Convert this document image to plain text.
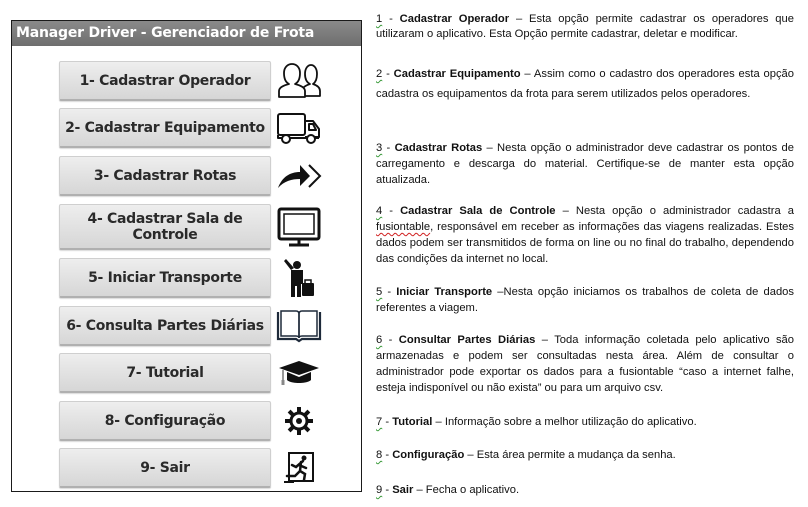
Manager Driver - Gerenciador de Frota
1- Cadastrar Operador
2- Cadastrar Equipamento
3- Cadastrar Rotas
4- Cadastrar Sala de Controle
5- Iniciar Transporte
6- Consulta Partes Diárias
7- Tutorial
8- Configuração
9- Sair

1 - Cadastrar Operador – Esta opção permite cadastrar os operadores que utilizaram o aplicativo. Esta Opção permite cadastrar, deletar e modificar.

2 - Cadastrar Equipamento – Assim como o cadastro dos operadores esta opção cadastra os equipamentos da frota para serem utilizados pelos operadores.

3 - Cadastrar Rotas – Nesta opção o administrador deve cadastrar os pontos de carregamento e descarga do material. Certifique-se de manter esta opção atualizada.

4 - Cadastrar Sala de Controle – Nesta opção o administrador cadastra a fusiontable, responsável em receber as informações das viagens realizadas. Estes dados podem ser transmitidos de forma on line ou no final do trabalho, dependendo das condições da internet no local.

5 - Iniciar Transporte –Nesta opção iniciamos os trabalhos de coleta de dados referentes a viagem.

6 - Consultar Partes Diárias – Toda informação coletada pelo aplicativo são armazenadas e podem ser consultadas nesta área. Além de consultar o administrador pode exportar os dados para a fusiontable “caso a internet falhe, esteja indisponível ou não exista” ou para um arquivo csv.

7 - Tutorial – Informação sobre a melhor utilização do aplicativo.

8 - Configuração – Esta área permite a mudança da senha.

9 - Sair – Fecha o aplicativo.
